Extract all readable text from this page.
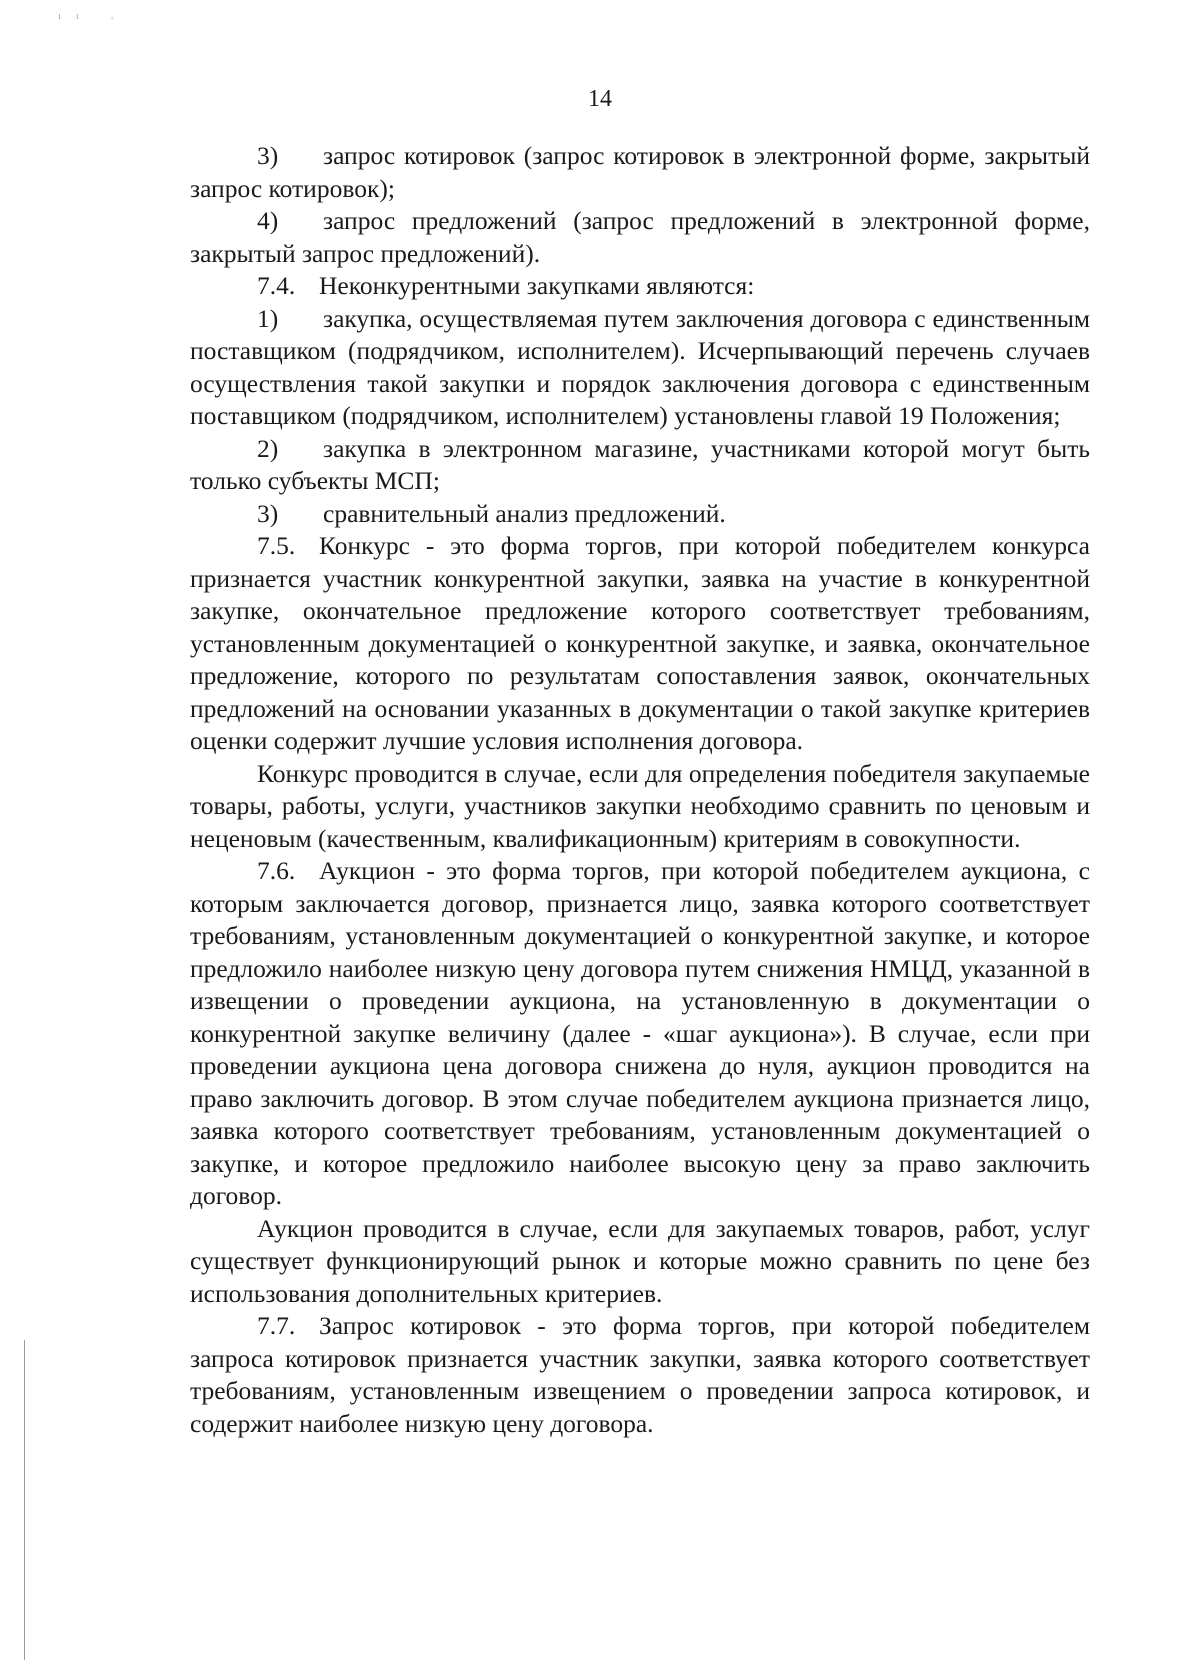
ı ı   ᵣ
14

3) запрос котировок (запрос котировок в электронной форме, закрытый запрос котировок);

4) запрос предложений (запрос предложений в электронной форме, закрытый запрос предложений).

7.4. Неконкурентными закупками являются:

1) закупка, осуществляемая путем заключения договора с единственным поставщиком (подрядчиком, исполнителем). Исчерпывающий перечень случаев осуществления такой закупки и порядок заключения договора с единственным поставщиком (подрядчиком, исполнителем) установлены главой 19 Положения;

2) закупка в электронном магазине, участниками которой могут быть только субъекты МСП;

3) сравнительный анализ предложений.

7.5. Конкурс - это форма торгов, при которой победителем конкурса признается участник конкурентной закупки, заявка на участие в конкурентной закупке, окончательное предложение которого соответствует требованиям, установленным документацией о конкурентной закупке, и заявка, окончательное предложение, которого по результатам сопоставления заявок, окончательных предложений на основании указанных в документации о такой закупке критериев оценки содержит лучшие условия исполнения договора.

Конкурс проводится в случае, если для определения победителя закупаемые товары, работы, услуги, участников закупки необходимо сравнить по ценовым и неценовым (качественным, квалификационным) критериям в совокупности.

7.6. Аукцион - это форма торгов, при которой победителем аукциона, с которым заключается договор, признается лицо, заявка которого соответствует требованиям, установленным документацией о конкурентной закупке, и которое предложило наиболее низкую цену договора путем снижения НМЦД, указанной в извещении о проведении аукциона, на установленную в документации о конкурентной закупке величину (далее - «шаг аукциона»). В случае, если при проведении аукциона цена договора снижена до нуля, аукцион проводится на право заключить договор. В этом случае победителем аукциона признается лицо, заявка которого соответствует требованиям, установленным документацией о закупке, и которое предложило наиболее высокую цену за право заключить договор.

Аукцион проводится в случае, если для закупаемых товаров, работ, услуг существует функционирующий рынок и которые можно сравнить по цене без использования дополнительных критериев.

7.7. Запрос котировок - это форма торгов, при которой победителем запроса котировок признается участник закупки, заявка которого соответствует требованиям, установленным извещением о проведении запроса котировок, и содержит наиболее низкую цену договора.
